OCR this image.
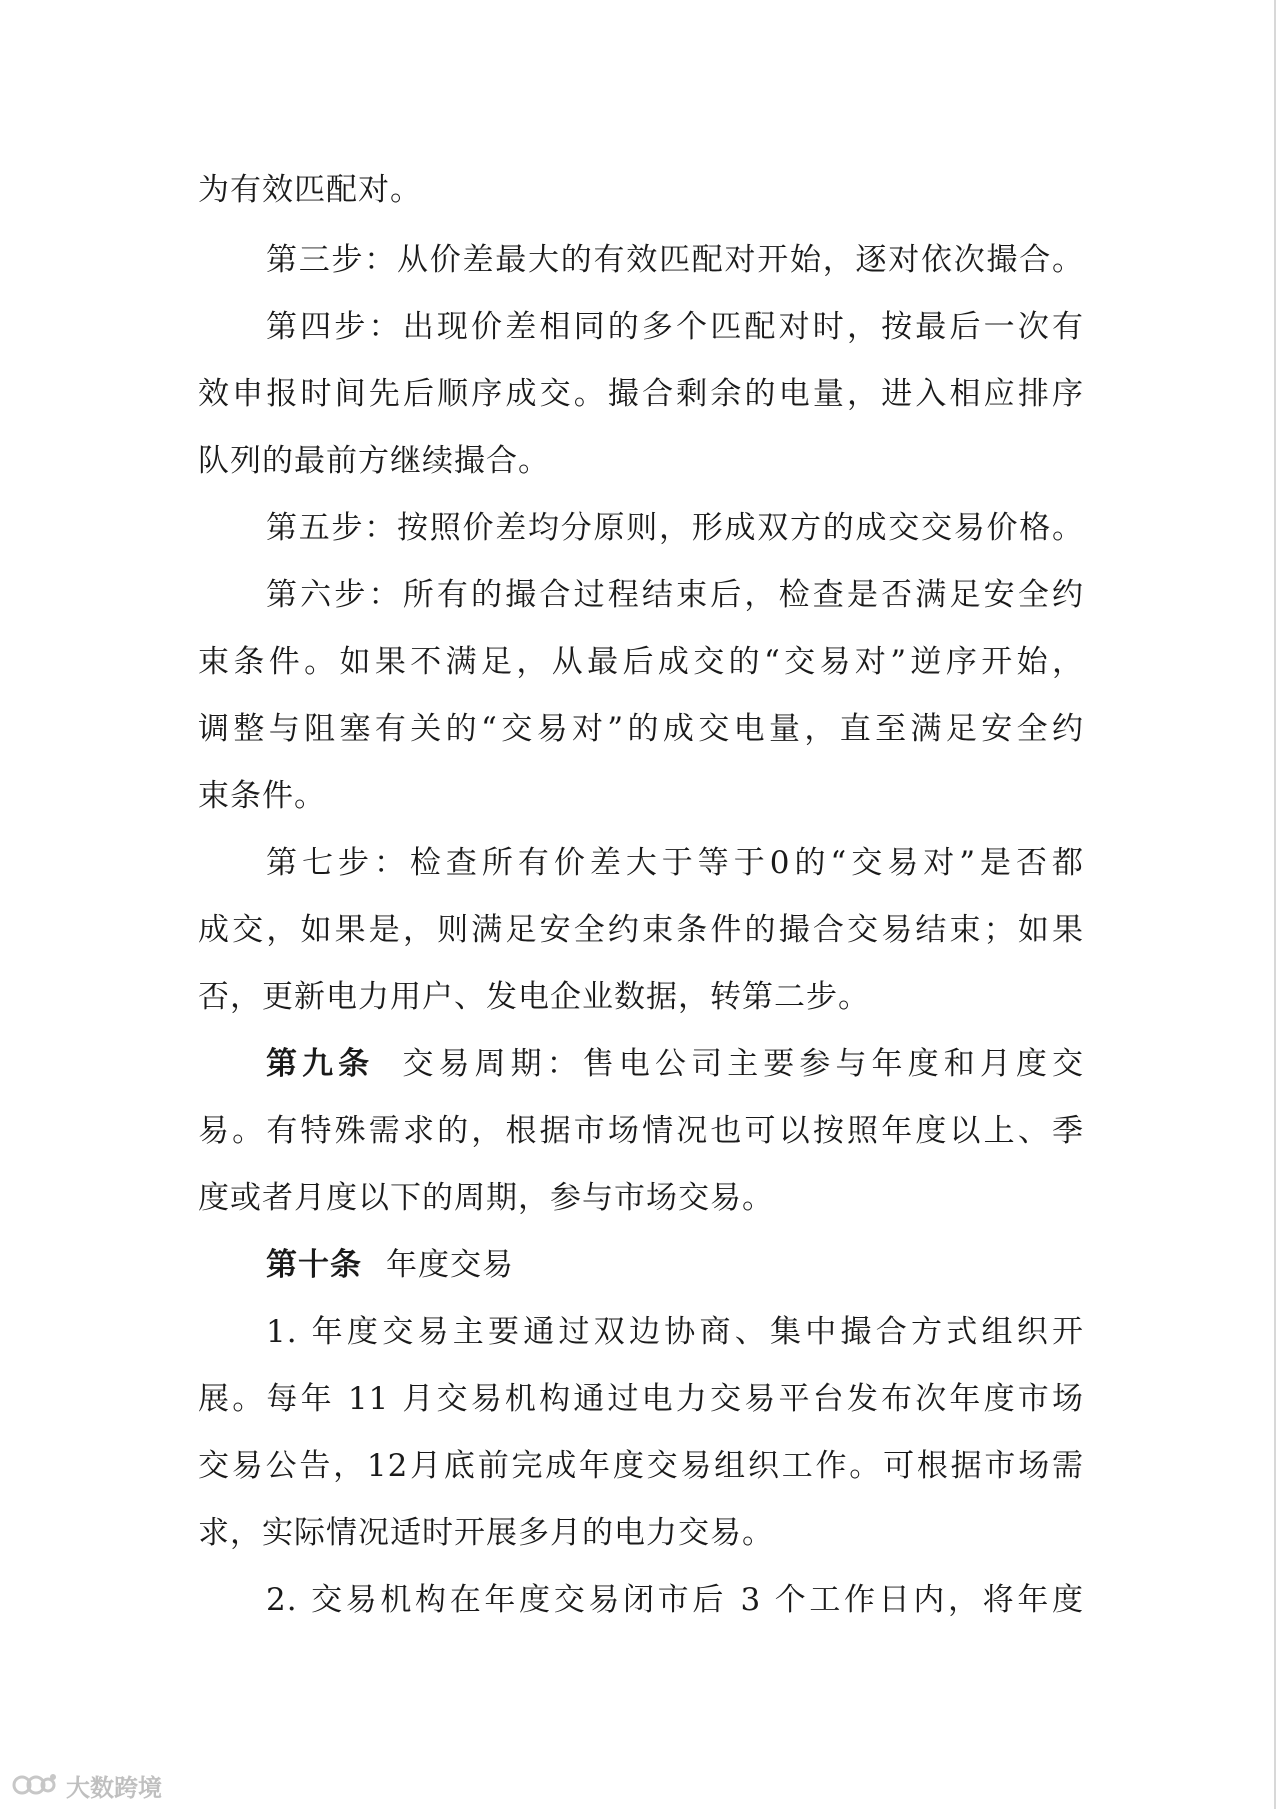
为有效匹配对。
第三步：从价差最大的有效匹配对开始，逐对依次撮合。
第四步：出现价差相同的多个匹配对时，按最后一次有
效申报时间先后顺序成交。撮合剩余的电量，进入相应排序
队列的最前方继续撮合。
第五步：按照价差均分原则，形成双方的成交交易价格。
第六步：所有的撮合过程结束后，检查是否满足安全约
束条件。如果不满足，从最后成交的“交易对”逆序开始，
调整与阻塞有关的“交易对”的成交电量，直至满足安全约
束条件。
第七步：检查所有价差大于等于0的“交易对”是否都
成交，如果是，则满足安全约束条件的撮合交易结束；如果
否，更新电力用户、发电企业数据，转第二步。
第九条 交易周期：售电公司主要参与年度和月度交
易。有特殊需求的，根据市场情况也可以按照年度以上、季
度或者月度以下的周期，参与市场交易。
第十条 年度交易
1. 年度交易主要通过双边协商、集中撮合方式组织开
展。每年 11 月交易机构通过电力交易平台发布次年度市场
交易公告，12月底前完成年度交易组织工作。可根据市场需
求，实际情况适时开展多月的电力交易。
2. 交易机构在年度交易闭市后 3 个工作日内，将年度
大数跨境
